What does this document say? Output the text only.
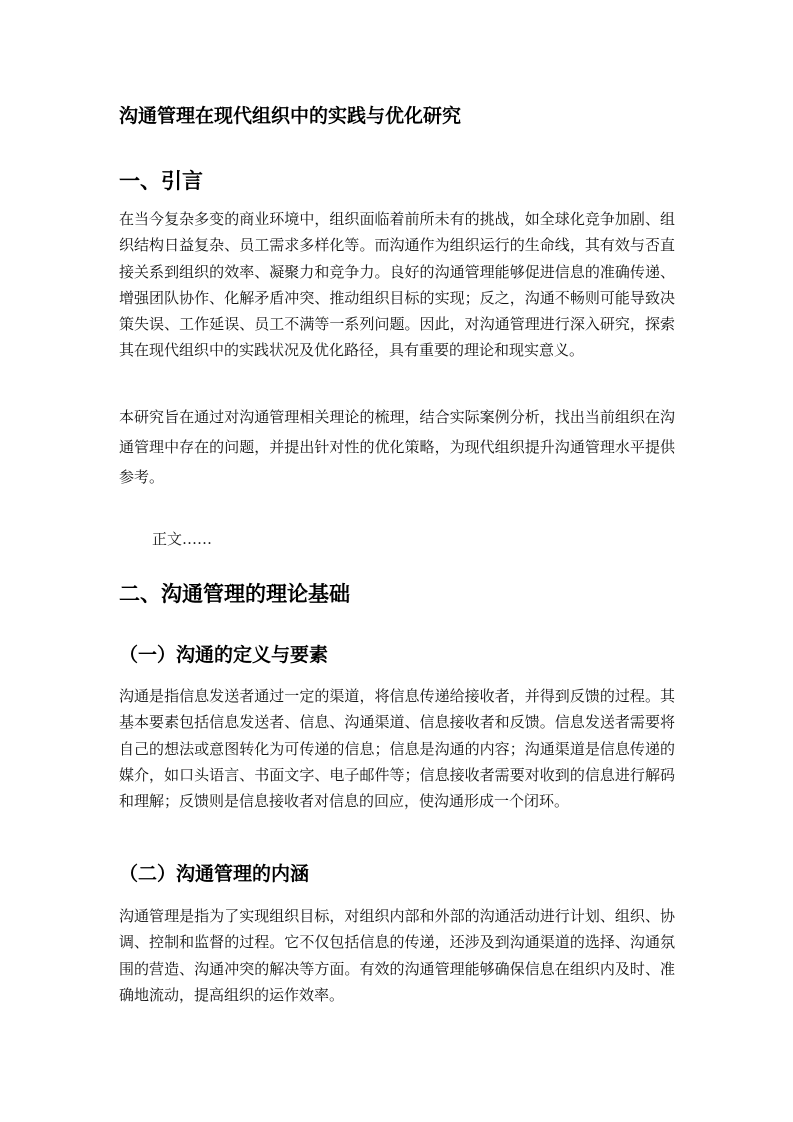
沟通管理在现代组织中的实践与优化研究
一、引言

在当今复杂多变的商业环境中，组织面临着前所未有的挑战，如全球化竞争加剧、组织结构日益复杂、员工需求多样化等。而沟通作为组织运行的生命线，其有效与否直接关系到组织的效率、凝聚力和竞争力。良好的沟通管理能够促进信息的准确传递、增强团队协作、化解矛盾冲突、推动组织目标的实现；反之，沟通不畅则可能导致决策失误、工作延误、员工不满等一系列问题。因此，对沟通管理进行深入研究，探索其在现代组织中的实践状况及优化路径，具有重要的理论和现实意义。

本研究旨在通过对沟通管理相关理论的梳理，结合实际案例分析，找出当前组织在沟通管理中存在的问题，并提出针对性的优化策略，为现代组织提升沟通管理水平提供参考。

正文……

二、沟通管理的理论基础
（一）沟通的定义与要素

沟通是指信息发送者通过一定的渠道，将信息传递给接收者，并得到反馈的过程。其基本要素包括信息发送者、信息、沟通渠道、信息接收者和反馈。信息发送者需要将自己的想法或意图转化为可传递的信息；信息是沟通的内容；沟通渠道是信息传递的媒介，如口头语言、书面文字、电子邮件等；信息接收者需要对收到的信息进行解码和理解；反馈则是信息接收者对信息的回应，使沟通形成一个闭环。

（二）沟通管理的内涵

沟通管理是指为了实现组织目标，对组织内部和外部的沟通活动进行计划、组织、协调、控制和监督的过程。它不仅包括信息的传递，还涉及到沟通渠道的选择、沟通氛围的营造、沟通冲突的解决等方面。有效的沟通管理能够确保信息在组织内及时、准确地流动，提高组织的运作效率。
